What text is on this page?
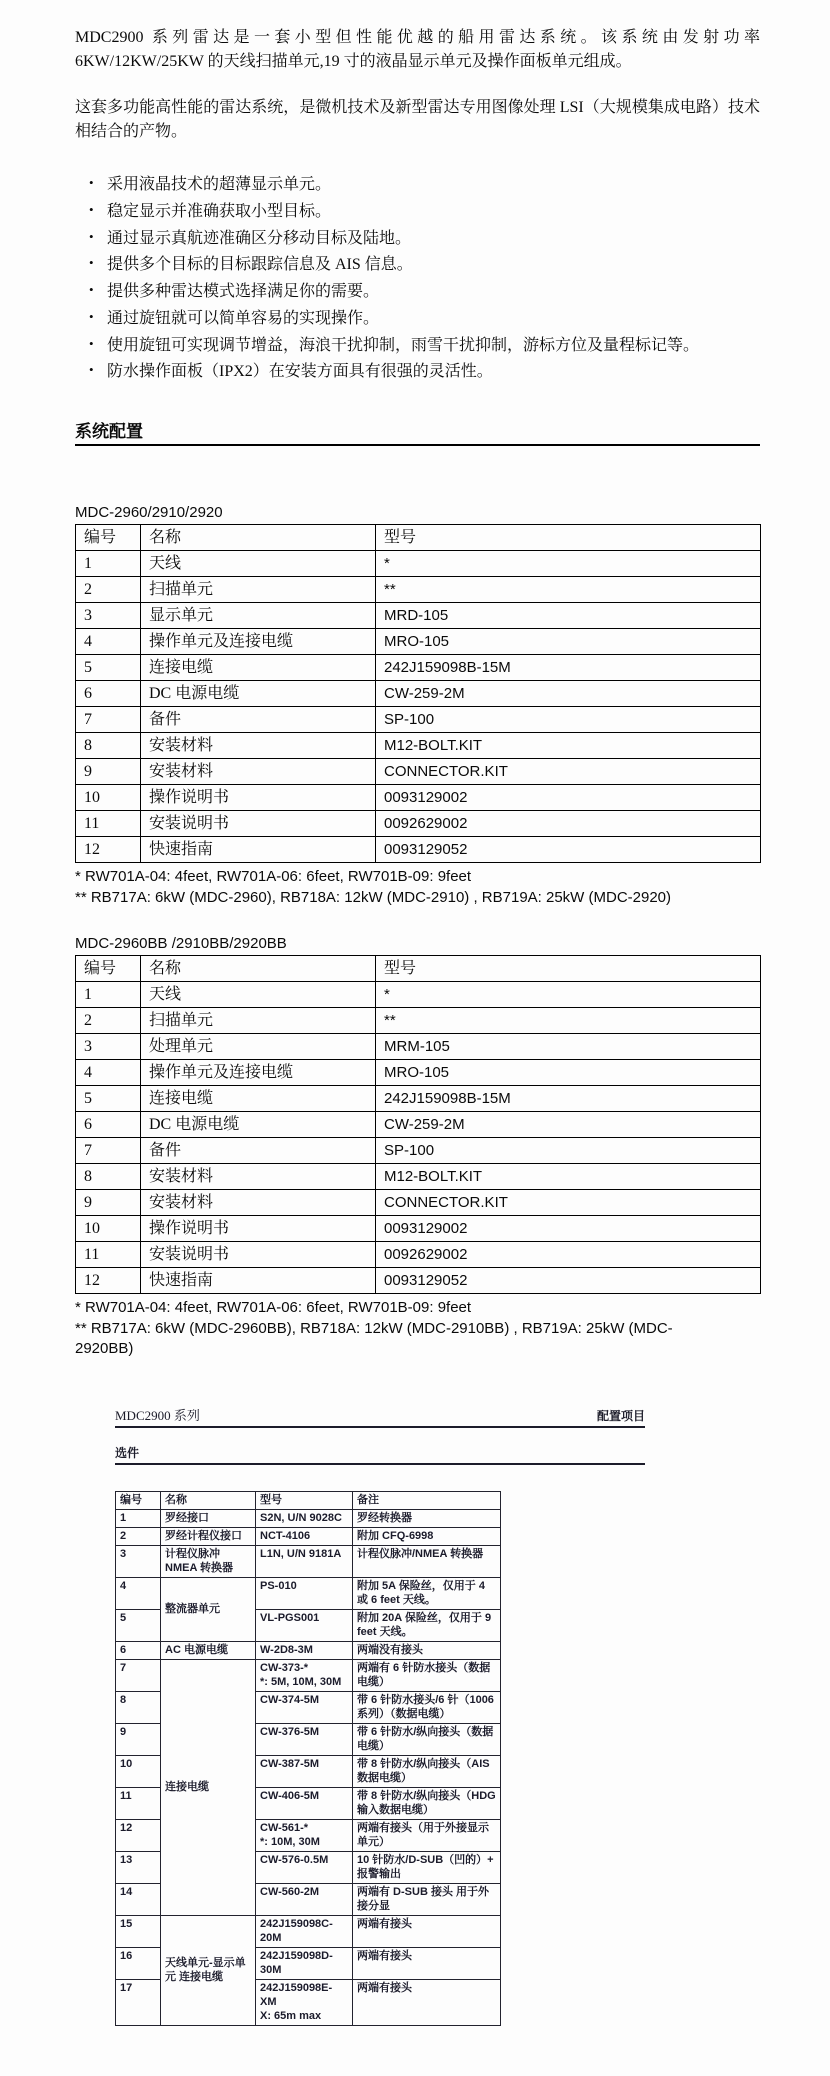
MDC2900 系列雷达是一套小型但性能优越的船用雷达系统。该系统由发射功率 6KW/12KW/25KW 的天线扫描单元,19 寸的液晶显示单元及操作面板单元组成。

这套多功能高性能的雷达系统，是微机技术及新型雷达专用图像处理 LSI（大规模集成电路）技术相结合的产物。

• 采用液晶技术的超薄显示单元。
• 稳定显示并准确获取小型目标。
• 通过显示真航迹准确区分移动目标及陆地。
• 提供多个目标的目标跟踪信息及 AIS 信息。
• 提供多种雷达模式选择满足你的需要。
• 通过旋钮就可以简单容易的实现操作。
• 使用旋钮可实现调节增益，海浪干扰抑制，雨雪干扰抑制，游标方位及量程标记等。
• 防水操作面板（IPX2）在安装方面具有很强的灵活性。
系统配置
MDC-2960/2910/2920
编号	名称	型号
1	天线	*
2	扫描单元	**
3	显示单元	MRD-105
4	操作单元及连接电缆	MRO-105
5	连接电缆	242J159098B-15M
6	DC 电源电缆	CW-259-2M
7	备件	SP-100
8	安装材料	M12-BOLT.KIT
9	安装材料	CONNECTOR.KIT
10	操作说明书	0093129002
11	安装说明书	0092629002
12	快速指南	0093129052
* RW701A-04: 4feet, RW701A-06: 6feet, RW701B-09: 9feet
** RB717A: 6kW (MDC-2960), RB718A: 12kW (MDC-2910) , RB719A: 25kW (MDC-2920)
MDC-2960BB /2910BB/2920BB
编号	名称	型号
1	天线	*
2	扫描单元	**
3	处理单元	MRM-105
4	操作单元及连接电缆	MRO-105
5	连接电缆	242J159098B-15M
6	DC 电源电缆	CW-259-2M
7	备件	SP-100
8	安装材料	M12-BOLT.KIT
9	安装材料	CONNECTOR.KIT
10	操作说明书	0093129002
11	安装说明书	0092629002
12	快速指南	0093129052
* RW701A-04: 4feet, RW701A-06: 6feet, RW701B-09: 9feet
** RB717A: 6kW (MDC-2960BB), RB718A: 12kW (MDC-2910BB) , RB719A: 25kW (MDC-2920BB)
MDC2900 系列	配置项目
选件
编号	名称	型号	备注
1	罗经接口	S2N, U/N 9028C	罗经转换器
2	罗经计程仪接口	NCT-4106	附加 CFQ-6998
3	计程仪脉冲 NMEA 转换器	L1N, U/N 9181A	计程仪脉冲/NMEA 转换器
4	整流器单元	PS-010	附加 5A 保险丝，仅用于 4 或 6 feet 天线。
5		VL-PGS001	附加 20A 保险丝，仅用于 9 feet 天线。
6	AC 电源电缆	W-2D8-3M	两端没有接头
7	连接电缆	CW-373-*
*: 5M, 10M, 30M	两端有 6 针防水接头（数据电缆）
8		CW-374-5M	带 6 针防水接头/6 针（1006 系列）（数据电缆）
9		CW-376-5M	带 6 针防水/纵向接头（数据电缆）
10		CW-387-5M	带 8 针防水/纵向接头（AIS 数据电缆）
11		CW-406-5M	带 8 针防水/纵向接头（HDG 输入数据电缆）
12		CW-561-*
*: 10M, 30M	两端有接头（用于外接显示单元）
13		CW-576-0.5M	10 针防水/D-SUB（凹的）+ 报警输出
14		CW-560-2M	两端有 D-SUB 接头 用于外接分显
15	天线单元-显示单元 连接电缆	242J159098C-20M	两端有接头
16		242J159098D-30M	两端有接头
17		242J159098E-XM
X: 65m max	两端有接头
